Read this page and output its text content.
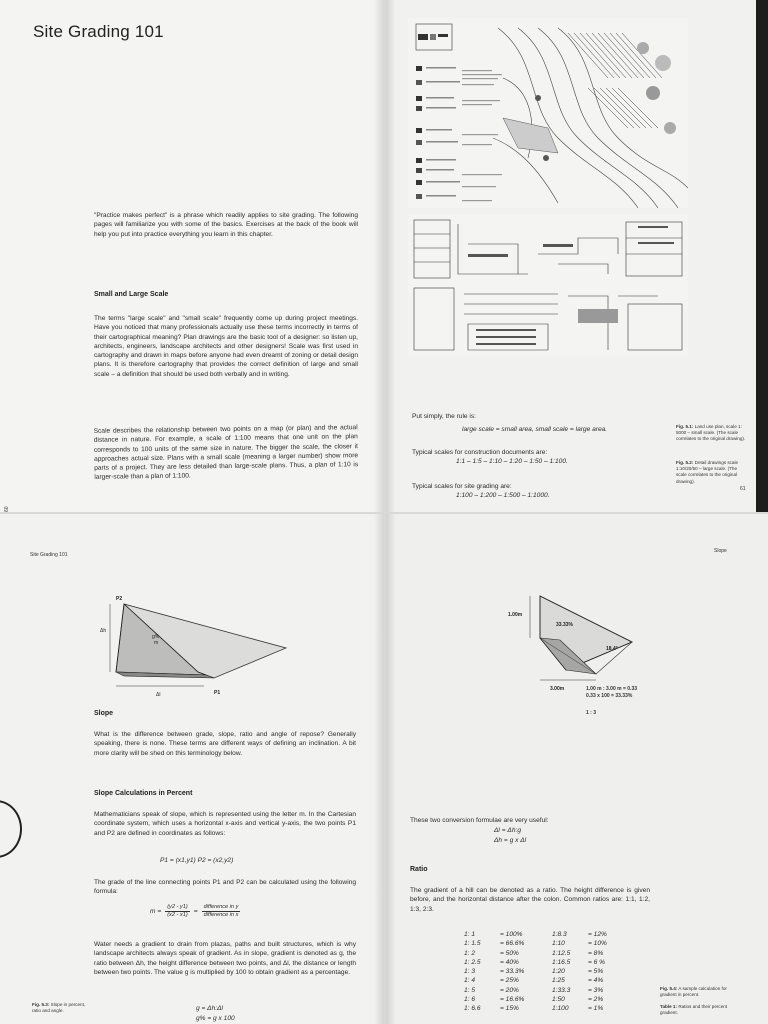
Site Grading 101
"Practice makes perfect" is a phrase which readily applies to site grading. The following pages will familiarize you with some of the basics. Exercises at the back of the book will help you put into practice everything you learn in this chapter.
Small and Large Scale
The terms "large scale" and "small scale" frequently come up during project meetings. Have you noticed that many professionals actually use these terms incorrectly in terms of their cartographical meaning? Plan drawings are the basic tool of a designer: so listen up, architects, engineers, landscape architects and other designers! Scale was first used in cartography and drawn in maps before anyone had even dreamt of zoning or detail design plans. It is therefore cartography that provides the correct definition of large and small scale – a definition that should be used both verbally and in writing.
Scale describes the relationship between two points on a map (or plan) and the actual distance in nature. For example, a scale of 1:100 means that one unit on the plan corresponds to 100 units of the same size in nature. The bigger the scale, the closer it approaches actual size. Plans with a small scale (meaning a larger number) show more parts of a project. They are less detailed than large-scale plans. Thus, a plan of 1:10 is larger-scale than a plan of 1:100.
60
Put simply, the rule is:
large scale = small area, small scale = large area.
Typical scales for construction documents are:
1:1 – 1:5 – 1:10 – 1:20 – 1:50 – 1:100.
Typical scales for site grading are:
1:100 – 1:200 – 1:500 – 1:1000.
Fig. 5.1: Land use plan, scale 1: 5000 – small scale. (The scale correlates to the original drawing).
Fig. 5.2: Detail drawings scale 1:10/20/50 – large scale. (The scale correlates to the original drawing).
61
Site Grading 101
P2
Δh
g%
m
Δl	P1
Slope
What is the difference between grade, slope, ratio and angle of repose? Generally speaking, there is none. These terms are different ways of defining an inclination. A bit more clarity will be shed on this terminology below.
Slope Calculations in Percent
Mathematicians speak of slope, which is represented using the letter m. In the Cartesian coordinate system, which uses a horizontal x-axis and vertical y-axis, the two points P1 and P2 are defined in coordinates as follows:
P1 = (x1,y1) P2 = (x2,y2)
The grade of the line connecting points P1 and P2 can be calculated using the following formula:
$m = \frac{(y2 - y1)}{(x2 - x1)}$ =
difference in y
difference in x
Water needs a gradient to drain from plazas, paths and built structures, which is why landscape architects always speak of gradient. As in slope, gradient is denoted as g, the ratio between Δh, the height difference between two points, and Δl, the distance or length between two points. The value g is multiplied by 100 to obtain gradient as a percentage.
g = Δh:Δl
g% = g x 100
Fig. 5.3: Slope in percent, ratio and angle.
Slope
1.00m
33.33%
18.4°
3.00m	1.00 m : 3.00 m = 0.33
0.33 x 100 = 33.33%
1 : 3
These two conversion formulae are very useful:
Δl = Δh:g
Δh = g x Δl
Ratio
The gradient of a hill can be denoted as a ratio. The height difference is given before, and the horizontal distance after the colon. Common ratios are: 1:1, 1:2, 1:3, 2:3.
1: 1	= 100%
1: 1.5	= 66.6%
1: 2	= 50%
1: 2.5	= 40%
1: 3	= 33.3%
1: 4	= 25%
1: 5	= 20%
1: 6	= 16.6%
1: 6.6	= 15%
1:8.3	= 12%
1:10	= 10%
1:12.5	= 8%
1:16.5	= 6 %
1:20	= 5%
1:25	= 4%
1:33.3	= 3%
1:50	= 2%
1:100	= 1%
Fig. 5.4: A sample calculation for gradient in percent.
Table 1: Ratios and their percent gradient.
